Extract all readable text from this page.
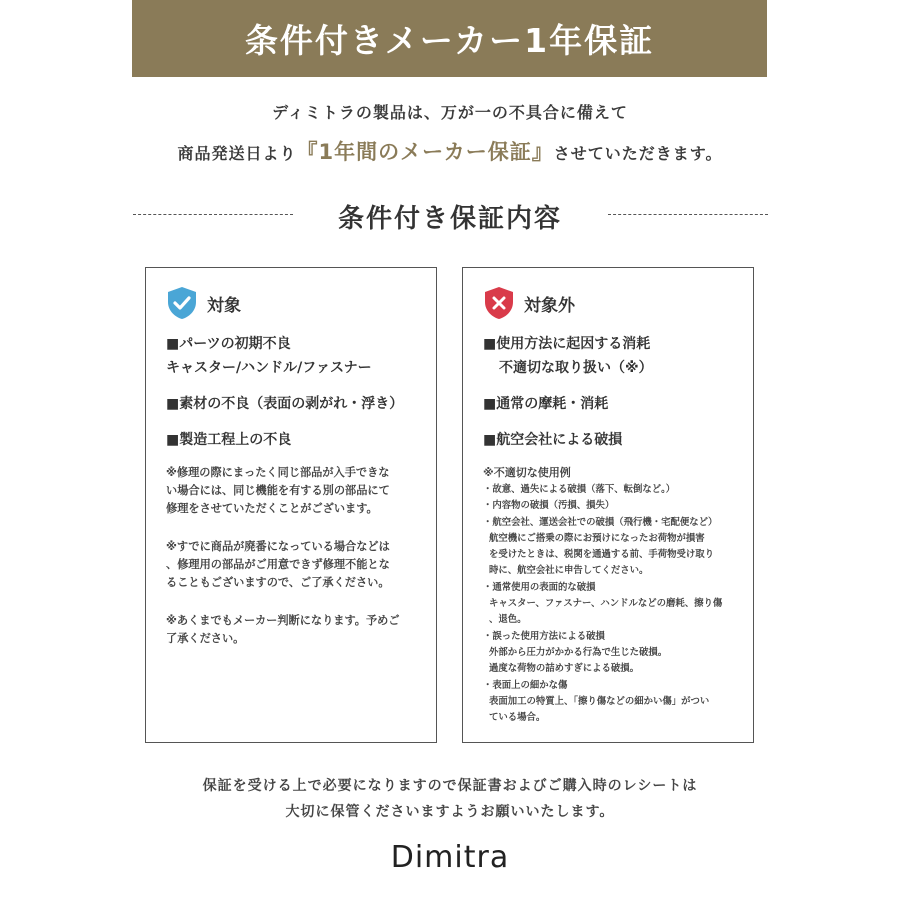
条件付きメーカー1年保証
ディミトラの製品は、万が一の不具合に備えて
商品発送日より『1年間のメーカー保証』させていただきます。
条件付き保証内容
対象
■パーツの初期不良
キャスター/ハンドル/ファスナー
■素材の不良（表面の剥がれ・浮き）
■製造工程上の不良
※修理の際にまったく同じ部品が入手できな
い場合には、同じ機能を有する別の部品にて
修理をさせていただくことがございます。
※すでに商品が廃番になっている場合などは
、修理用の部品がご用意できず修理不能とな
ることもございますので、ご了承ください。
※あくまでもメーカー判断になります。予めご
了承ください。
対象外
■使用方法に起因する消耗
不適切な取り扱い（※）
■通常の摩耗・消耗
■航空会社による破損
※不適切な使用例
・故意、過失による破損（落下、転倒など。）
・内容物の破損（汚損、損失）
・航空会社、運送会社での破損（飛行機・宅配便など）
航空機にご搭乗の際にお預けになったお荷物が損害
を受けたときは、税関を通過する前、手荷物受け取り
時に、航空会社に申告してください。
・通常使用の表面的な破損
キャスター、ファスナー、ハンドルなどの磨耗、擦り傷
、退色。
・誤った使用方法による破損
外部から圧力がかかる行為で生じた破損。
過度な荷物の詰めすぎによる破損。
・表面上の細かな傷
表面加工の特質上、「擦り傷などの細かい傷」がつい
ている場合。
保証を受ける上で必要になりますので保証書およびご購入時のレシートは
大切に保管くださいますようお願いいたします。
Dimitra
